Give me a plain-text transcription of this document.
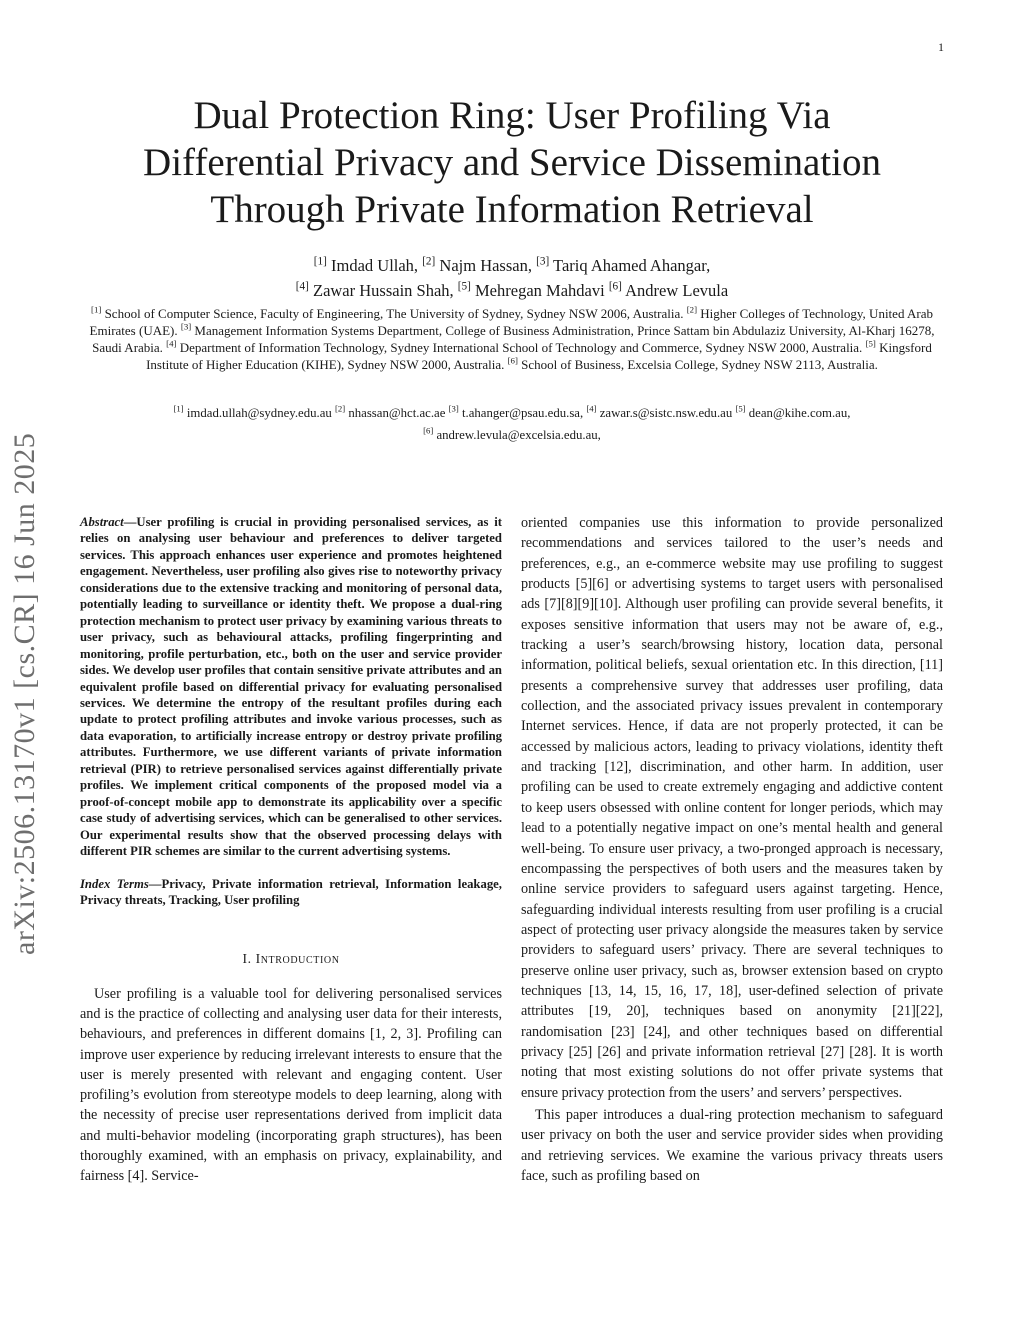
1
arXiv:2506.13170v1 [cs.CR] 16 Jun 2025
Dual Protection Ring: User Profiling Via Differential Privacy and Service Dissemination Through Private Information Retrieval
[1] Imdad Ullah, [2] Najm Hassan, [3] Tariq Ahamed Ahangar,
[4] Zawar Hussain Shah, [5] Mehregan Mahdavi [6] Andrew Levula
[1] School of Computer Science, Faculty of Engineering, The University of Sydney, Sydney NSW 2006, Australia. [2] Higher Colleges of Technology, United Arab Emirates (UAE). [3] Management Information Systems Department, College of Business Administration, Prince Sattam bin Abdulaziz University, Al-Kharj 16278, Saudi Arabia. [4] Department of Information Technology, Sydney International School of Technology and Commerce, Sydney NSW 2000, Australia. [5] Kingsford Institute of Higher Education (KIHE), Sydney NSW 2000, Australia. [6] School of Business, Excelsia College, Sydney NSW 2113, Australia.
[1] imdad.ullah@sydney.edu.au [2] nhassan@hct.ac.ae [3] t.ahanger@psau.edu.sa, [4] zawar.s@sistc.nsw.edu.au [5] dean@kihe.com.au,
[6] andrew.levula@excelsia.edu.au,

Abstract—User profiling is crucial in providing personalised services, as it relies on analysing user behaviour and preferences to deliver targeted services. This approach enhances user experience and promotes heightened engagement. Nevertheless, user profiling also gives rise to noteworthy privacy considerations due to the extensive tracking and monitoring of personal data, potentially leading to surveillance or identity theft. We propose a dual-ring protection mechanism to protect user privacy by examining various threats to user privacy, such as behavioural attacks, profiling fingerprinting and monitoring, profile perturbation, etc., both on the user and service provider sides. We develop user profiles that contain sensitive private attributes and an equivalent profile based on differential privacy for evaluating personalised services. We determine the entropy of the resultant profiles during each update to protect profiling attributes and invoke various processes, such as data evaporation, to artificially increase entropy or destroy private profiling attributes. Furthermore, we use different variants of private information retrieval (PIR) to retrieve personalised services against differentially private profiles. We implement critical components of the proposed model via a proof-of-concept mobile app to demonstrate its applicability over a specific case study of advertising services, which can be generalised to other services. Our experimental results show that the observed processing delays with different PIR schemes are similar to the current advertising systems.

Index Terms—Privacy, Private information retrieval, Information leakage, Privacy threats, Tracking, User profiling

I. Introduction

User profiling is a valuable tool for delivering personalised services and is the practice of collecting and analysing user data for their interests, behaviours, and preferences in different domains [1, 2, 3]. Profiling can improve user experience by reducing irrelevant interests to ensure that the user is merely presented with relevant and engaging content. User profiling’s evolution from stereotype models to deep learning, along with the necessity of precise user representations derived from implicit data and multi-behavior modeling (incorporating graph structures), has been thoroughly examined, with an emphasis on privacy, explainability, and fairness [4]. Service-

oriented companies use this information to provide personalized recommendations and services tailored to the user’s needs and preferences, e.g., an e-commerce website may use profiling to suggest products [5][6] or advertising systems to target users with personalised ads [7][8][9][10]. Although user profiling can provide several benefits, it exposes sensitive information that users may not be aware of, e.g., tracking a user’s search/browsing history, location data, personal information, political beliefs, sexual orientation etc. In this direction, [11] presents a comprehensive survey that addresses user profiling, data collection, and the associated privacy issues prevalent in contemporary Internet services. Hence, if data are not properly protected, it can be accessed by malicious actors, leading to privacy violations, identity theft and tracking [12], discrimination, and other harm. In addition, user profiling can be used to create extremely engaging and addictive content to keep users obsessed with online content for longer periods, which may lead to a potentially negative impact on one’s mental health and general well-being. To ensure user privacy, a two-pronged approach is necessary, encompassing the perspectives of both users and the measures taken by online service providers to safeguard users against targeting. Hence, safeguarding individual interests resulting from user profiling is a crucial aspect of protecting user privacy alongside the measures taken by service providers to safeguard users’ privacy. There are several techniques to preserve online user privacy, such as, browser extension based on crypto techniques [13, 14, 15, 16, 17, 18], user-defined selection of private attributes [19, 20], techniques based on anonymity [21][22], randomisation [23] [24], and other techniques based on differential privacy [25] [26] and private information retrieval [27] [28]. It is worth noting that most existing solutions do not offer private systems that ensure privacy protection from the users’ and servers’ perspectives.

This paper introduces a dual-ring protection mechanism to safeguard user privacy on both the user and service provider sides when providing and retrieving services. We examine the various privacy threats users face, such as profiling based on
